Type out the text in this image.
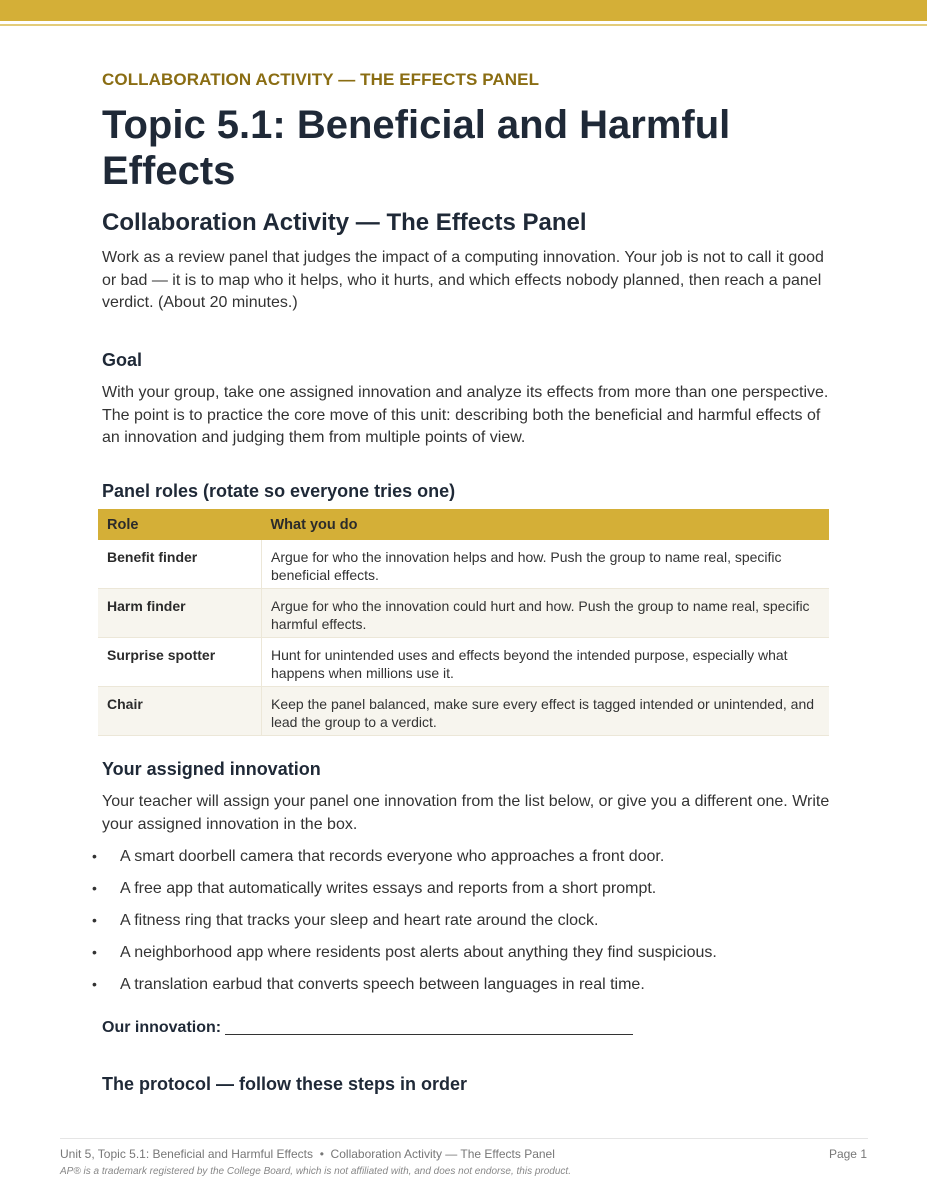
COLLABORATION ACTIVITY — THE EFFECTS PANEL
Topic 5.1: Beneficial and Harmful Effects
Collaboration Activity — The Effects Panel
Work as a review panel that judges the impact of a computing innovation. Your job is not to call it good or bad — it is to map who it helps, who it hurts, and which effects nobody planned, then reach a panel verdict. (About 20 minutes.)
Goal
With your group, take one assigned innovation and analyze its effects from more than one perspective. The point is to practice the core move of this unit: describing both the beneficial and harmful effects of an innovation and judging them from multiple points of view.
Panel roles (rotate so everyone tries one)
Your assigned innovation
Your teacher will assign your panel one innovation from the list below, or give you a different one. Write your assigned innovation in the box.
The protocol — follow these steps in order
Role	What you do
Benefit finder	Argue for who the innovation helps and how. Push the group to name real, specific beneficial effects.
Harm finder	Argue for who the innovation could hurt and how. Push the group to name real, specific harmful effects.
Surprise spotter	Hunt for unintended uses and effects beyond the intended purpose, especially what happens when millions use it.
Chair	Keep the panel balanced, make sure every effect is tagged intended or unintended, and lead the group to a verdict.
• A smart doorbell camera that records everyone who approaches a front door.
• A free app that automatically writes essays and reports from a short prompt.
• A fitness ring that tracks your sleep and heart rate around the clock.
• A neighborhood app where residents post alerts about anything they find suspicious.
• A translation earbud that converts speech between languages in real time.
Our innovation:
Unit 5, Topic 5.1: Beneficial and Harmful Effects  •  Collaboration Activity — The Effects Panel	Page 1
AP® is a trademark registered by the College Board, which is not affiliated with, and does not endorse, this product.
